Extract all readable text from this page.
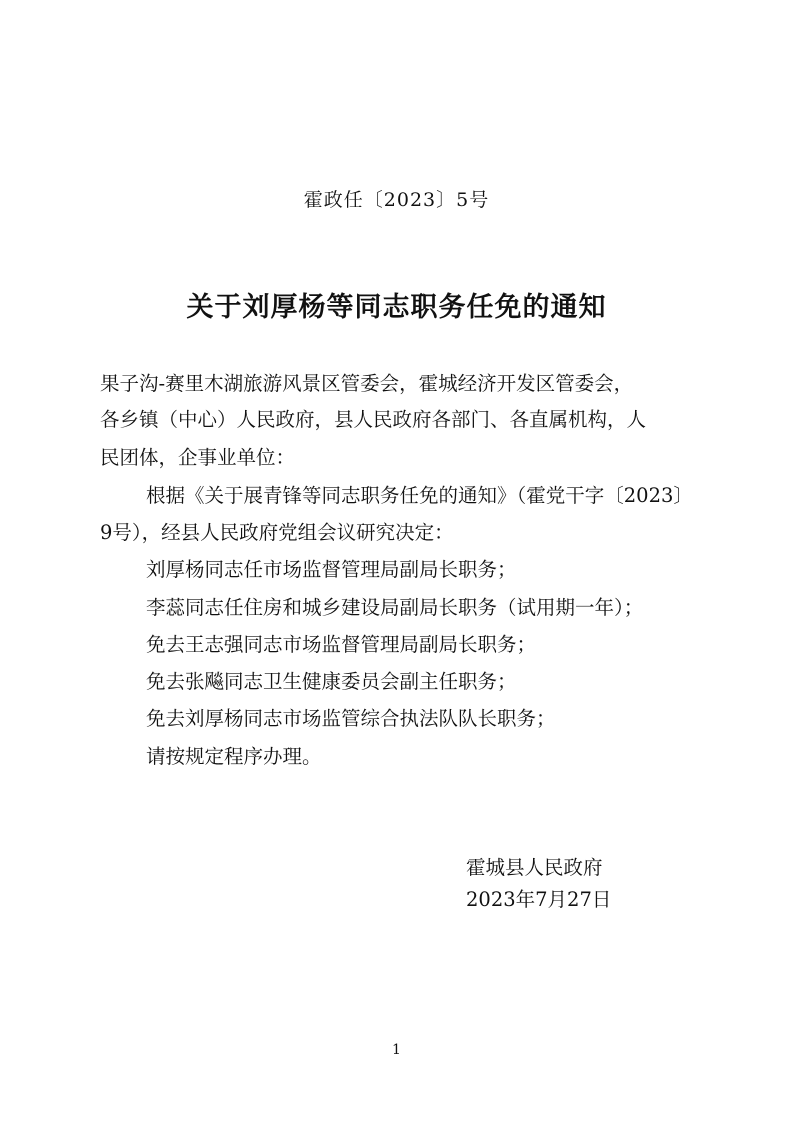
霍政任〔2023〕5号
关于刘厚杨等同志职务任免的通知
果子沟-赛里木湖旅游风景区管委会，霍城经济开发区管委会，
各乡镇（中心）人民政府，县人民政府各部门、各直属机构，人
民团体，企事业单位：
根据《关于展青锋等同志职务任免的通知》（霍党干字〔2023〕
9号），经县人民政府党组会议研究决定：
刘厚杨同志任市场监督管理局副局长职务；
李蕊同志任住房和城乡建设局副局长职务（试用期一年）；
免去王志强同志市场监督管理局副局长职务；
免去张飚同志卫生健康委员会副主任职务；
免去刘厚杨同志市场监管综合执法队队长职务；
请按规定程序办理。
霍城县人民政府
2023年7月27日
1
